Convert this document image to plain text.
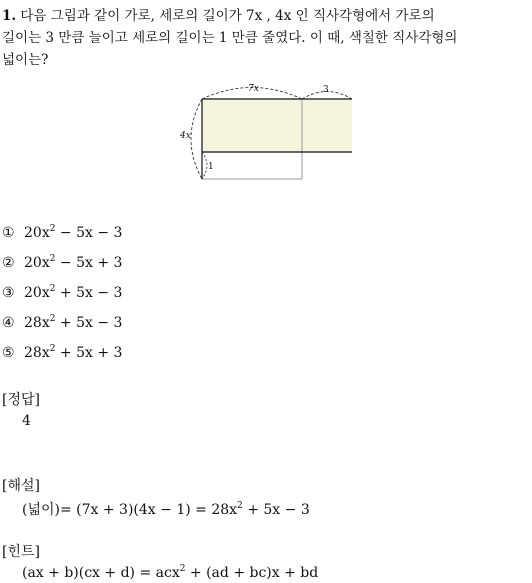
1. 다음 그림과 같이 가로, 세로의 길이가 7x , 4x 인 직사각형에서 가로의
길이는 3 만큼 늘이고 세로의 길이는 1 만큼 줄였다. 이 때, 색칠한 직사각형의
넓이는?
7x	3
4x
1
① $20x^2 - 5x - 3$
② $20x^2 - 5x + 3$
③ $20x^2 + 5x - 3$
④ $28x^2 + 5x - 3$
⑤ $28x^2 + 5x + 3$
[정답]
4
[해설]
(넓이)= $(7x + 3)(4x - 1) = 28x^2 + 5x - 3$
[힌트]
(ax + b)(cx + d) = acx$^2$ + (ad + bc)x + bd
